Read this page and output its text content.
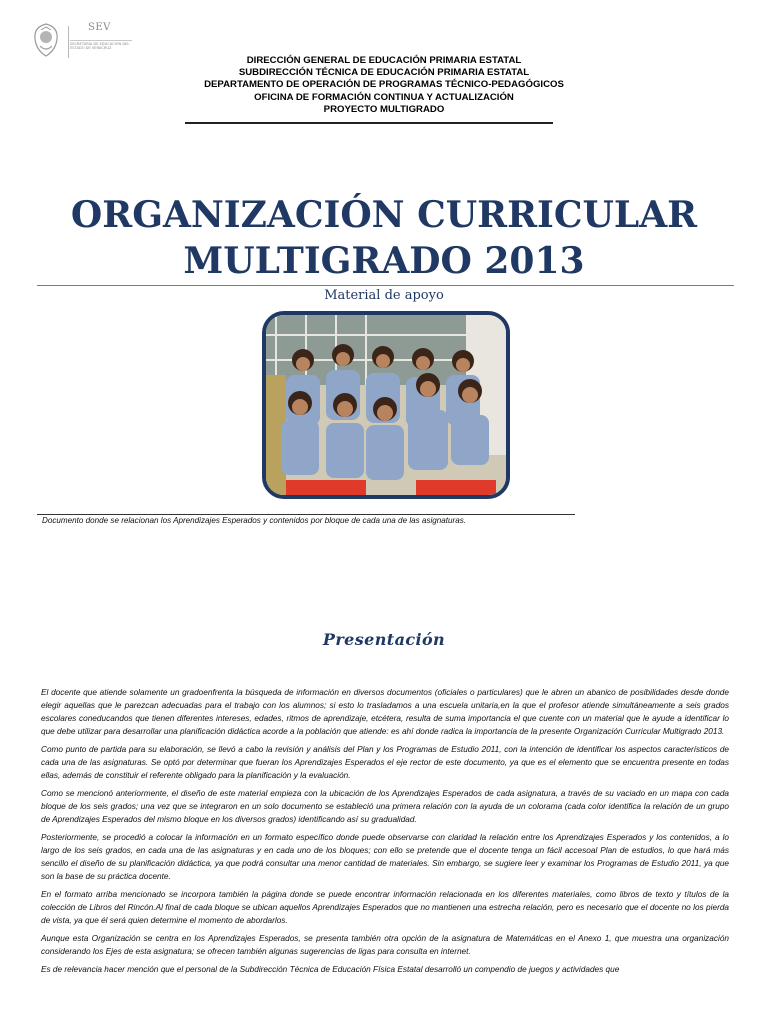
SEV
SECRETARÍA DE EDUCACIÓN DEL ESTADO DE VERACRUZ
DIRECCIÓN GENERAL DE EDUCACIÓN PRIMARIA ESTATAL
SUBDIRECCIÓN TÉCNICA DE EDUCACIÓN PRIMARIA ESTATAL
DEPARTAMENTO DE OPERACIÓN DE PROGRAMAS TÉCNICO-PEDAGÓGICOS
OFICINA DE FORMACIÓN CONTINUA Y ACTUALIZACIÓN
PROYECTO MULTIGRADO
ORGANIZACIÓN CURRICULAR
MULTIGRADO 2013
Material de apoyo
Documento donde se relacionan los Aprendizajes Esperados y contenidos por bloque de cada una de las asignaturas.
Presentación

El docente que atiende solamente un gradoenfrenta la búsqueda de información en diversos documentos (oficiales o particulares) que le abren un abanico de posibilidades desde donde elegir aquellas que le parezcan adecuadas para el trabajo con los alumnos; si esto lo trasladamos a una escuela unitaria,en la que el profesor atiende simultáneamente a seis grados escolares coneducandos que tienen diferentes intereses, edades, ritmos de aprendizaje, etcétera, resulta de suma importancia el que cuente con un material que le ayude a identificar lo que debe utilizar para desarrollar una planificación didáctica acorde a la población que atiende: es ahí donde radica la importancia de la presente Organización Curricular Multigrado 2013.

Como punto de partida para su elaboración, se llevó a cabo la revisión y análisis del Plan y los Programas de Estudio 2011, con la intención de identificar los aspectos característicos de cada una de las asignaturas. Se optó por determinar que fueran los Aprendizajes Esperados el eje rector de este documento, ya que es el elemento que se encuentra presente en todas ellas, además de constituir el referente obligado para la planificación y la evaluación.

Como se mencionó anteriormente, el diseño de este material empieza con la ubicación de los Aprendizajes Esperados de cada asignatura, a través de su vaciado en un mapa con cada bloque de los seis grados; una vez que se integraron en un solo documento se estableció una primera relación con la ayuda de un colorama (cada color identifica la relación de un grupo de Aprendizajes Esperados del mismo bloque en los diversos grados) identificando así su gradualidad.

Posteriormente, se procedió a colocar la información en un formato específico donde puede observarse con claridad la relación entre los Aprendizajes Esperados y los contenidos, a lo largo de los seis grados, en cada una de las asignaturas y en cada uno de los bloques; con ello se pretende que el docente tenga un fácil accesoal Plan de estudios, lo que hará más sencillo el diseño de su planificación didáctica, ya que podrá consultar una menor cantidad de materiales. Sin embargo, se sugiere leer y examinar los Programas de Estudio 2011, ya que son la base de su práctica docente.

En el formato arriba mencionado se incorpora también la página donde se puede encontrar información relacionada en los diferentes materiales, como libros de texto y títulos de la colección de Libros del Rincón.Al final de cada bloque se ubican aquellos Aprendizajes Esperados que no mantienen una estrecha relación, pero es necesario que el docente no los pierda de vista, ya que él será quien determine el momento de abordarlos.

Aunque esta Organización se centra en los Aprendizajes Esperados, se presenta también otra opción de la asignatura de Matemáticas en el Anexo 1, que muestra una organización considerando los Ejes de esta asignatura; se ofrecen también algunas sugerencias de ligas para consulta en internet.

Es de relevancia hacer mención que el personal de la Subdirección Técnica de Educación Física Estatal desarrolló un compendio de juegos y actividades que
